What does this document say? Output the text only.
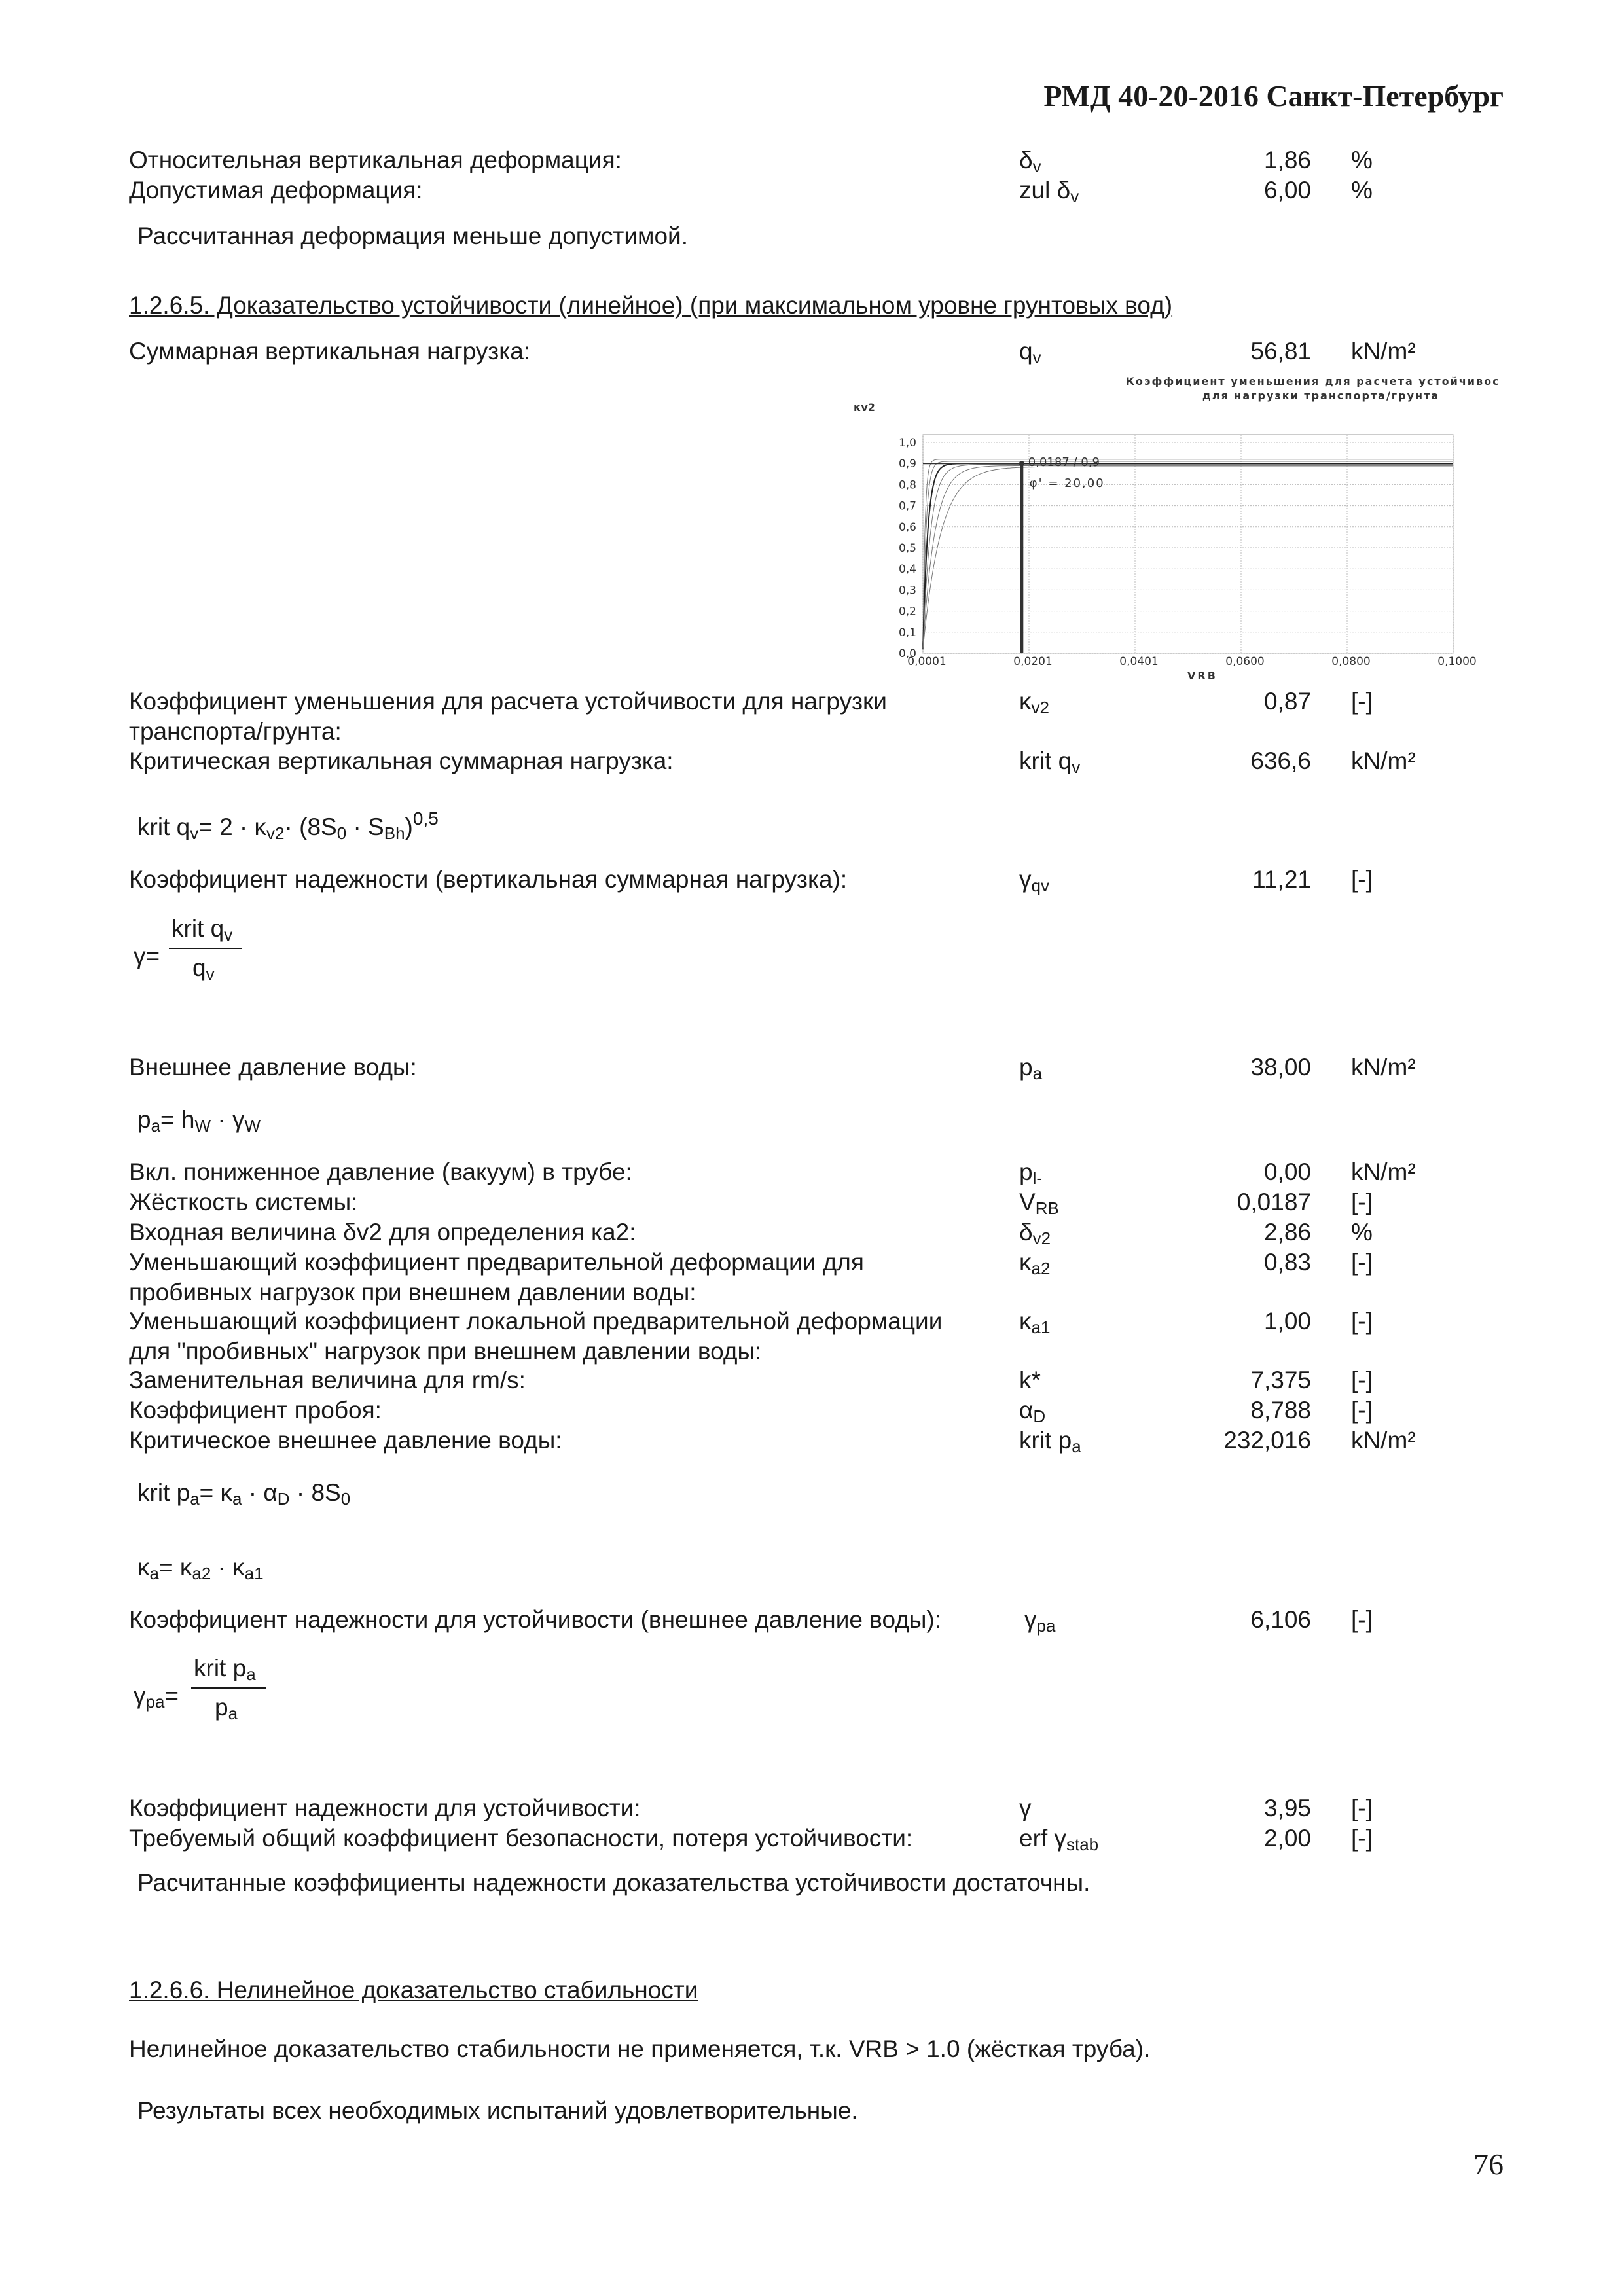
РМД 40-20-2016 Санкт-Петербург
Относительная вертикальная деформация:	$\delta_v$	1,86 %
Допустимая деформация:	zul $\delta_v$	6,00 %
Рассчитанная деформация меньше допустимой.
1.2.6.5. Доказательство устойчивости (линейное) (при максимальном уровне грунтовых вод)
Суммарная вертикальная нагрузка:	$q_v$	56,81 kN/m²
Коэффициент уменьшения для расчета устойчивости
для нагрузки транспорта/грунта
κv2
VRB
1,0
0,9
0,8
0,7
0,6
0,5
0,4
0,3
0,2
0,1
0,0
0,0001	0,0201	0,0401	0,0600	0,0800	0,1000
0,0187 / 0,9
φ' = 20,00
Коэффициент уменьшения для расчета устойчивости для нагрузки
транспорта/грунта:
$\kappa_{v2}$	0,87 [-]
Критическая вертикальная суммарная нагрузка:	krit $q_v$	636,6 kN/m²
krit $q_v= 2 \cdot \kappa_{v2}\cdot (8S_0 \cdot S_{Bh})^{0,5}$
Коэффициент надежности (вертикальная суммарная нагрузка):	$\gamma_{qv}$	11,21 [-]
γ=
krit $q_v$
$q_v$
Внешнее давление воды:	$p_a$	38,00 kN/m²
$p_a= h_W \cdot \gamma_W$
Вкл. пониженное давление (вакуум) в трубе:	$p_{l-}$	0,00 kN/m²
Жёсткость системы:	$V_{RB}$	0,0187 [-]
Входная величина δv2 для определения ка2:	$\delta_{v2}$	2,86 %
Уменьшающий коэффициент предварительной деформации для
пробивных нагрузок при внешнем давлении воды:
$\kappa_{a2}$	0,83 [-]
Уменьшающий коэффициент локальной предварительной деформации
для "пробивных" нагрузок при внешнем давлении воды:
$\kappa_{a1}$	1,00 [-]
Заменительная величина для rm/s:	k*	7,375 [-]
Коэффициент пробоя:	$\alpha_D$	8,788 [-]
Критическое внешнее давление воды:	krit $p_a$	232,016 kN/m²
krit $p_a= \kappa_a \cdot \alpha_D \cdot 8S_0$
$\kappa_a= \kappa_{a2} \cdot \kappa_{a1}$
Коэффициент надежности для устойчивости (внешнее давление воды):	$\gamma_{pa}$	6,106 [-]
$\gamma_{pa}=$
krit $p_a$
$p_a$
Коэффициент надежности для устойчивости:	γ	3,95 [-]
Требуемый общий коэффициент безопасности, потеря устойчивости:	erf $\gamma_{stab}$	2,00 [-]
Расчитанные коэффициенты надежности доказательства устойчивости достаточны.
1.2.6.6. Нелинейное доказательство стабильности
Нелинейное доказательство стабильности не применяется, т.к. VRB > 1.0 (жёсткая труба).
Результаты всех необходимых испытаний удовлетворительные.
76
